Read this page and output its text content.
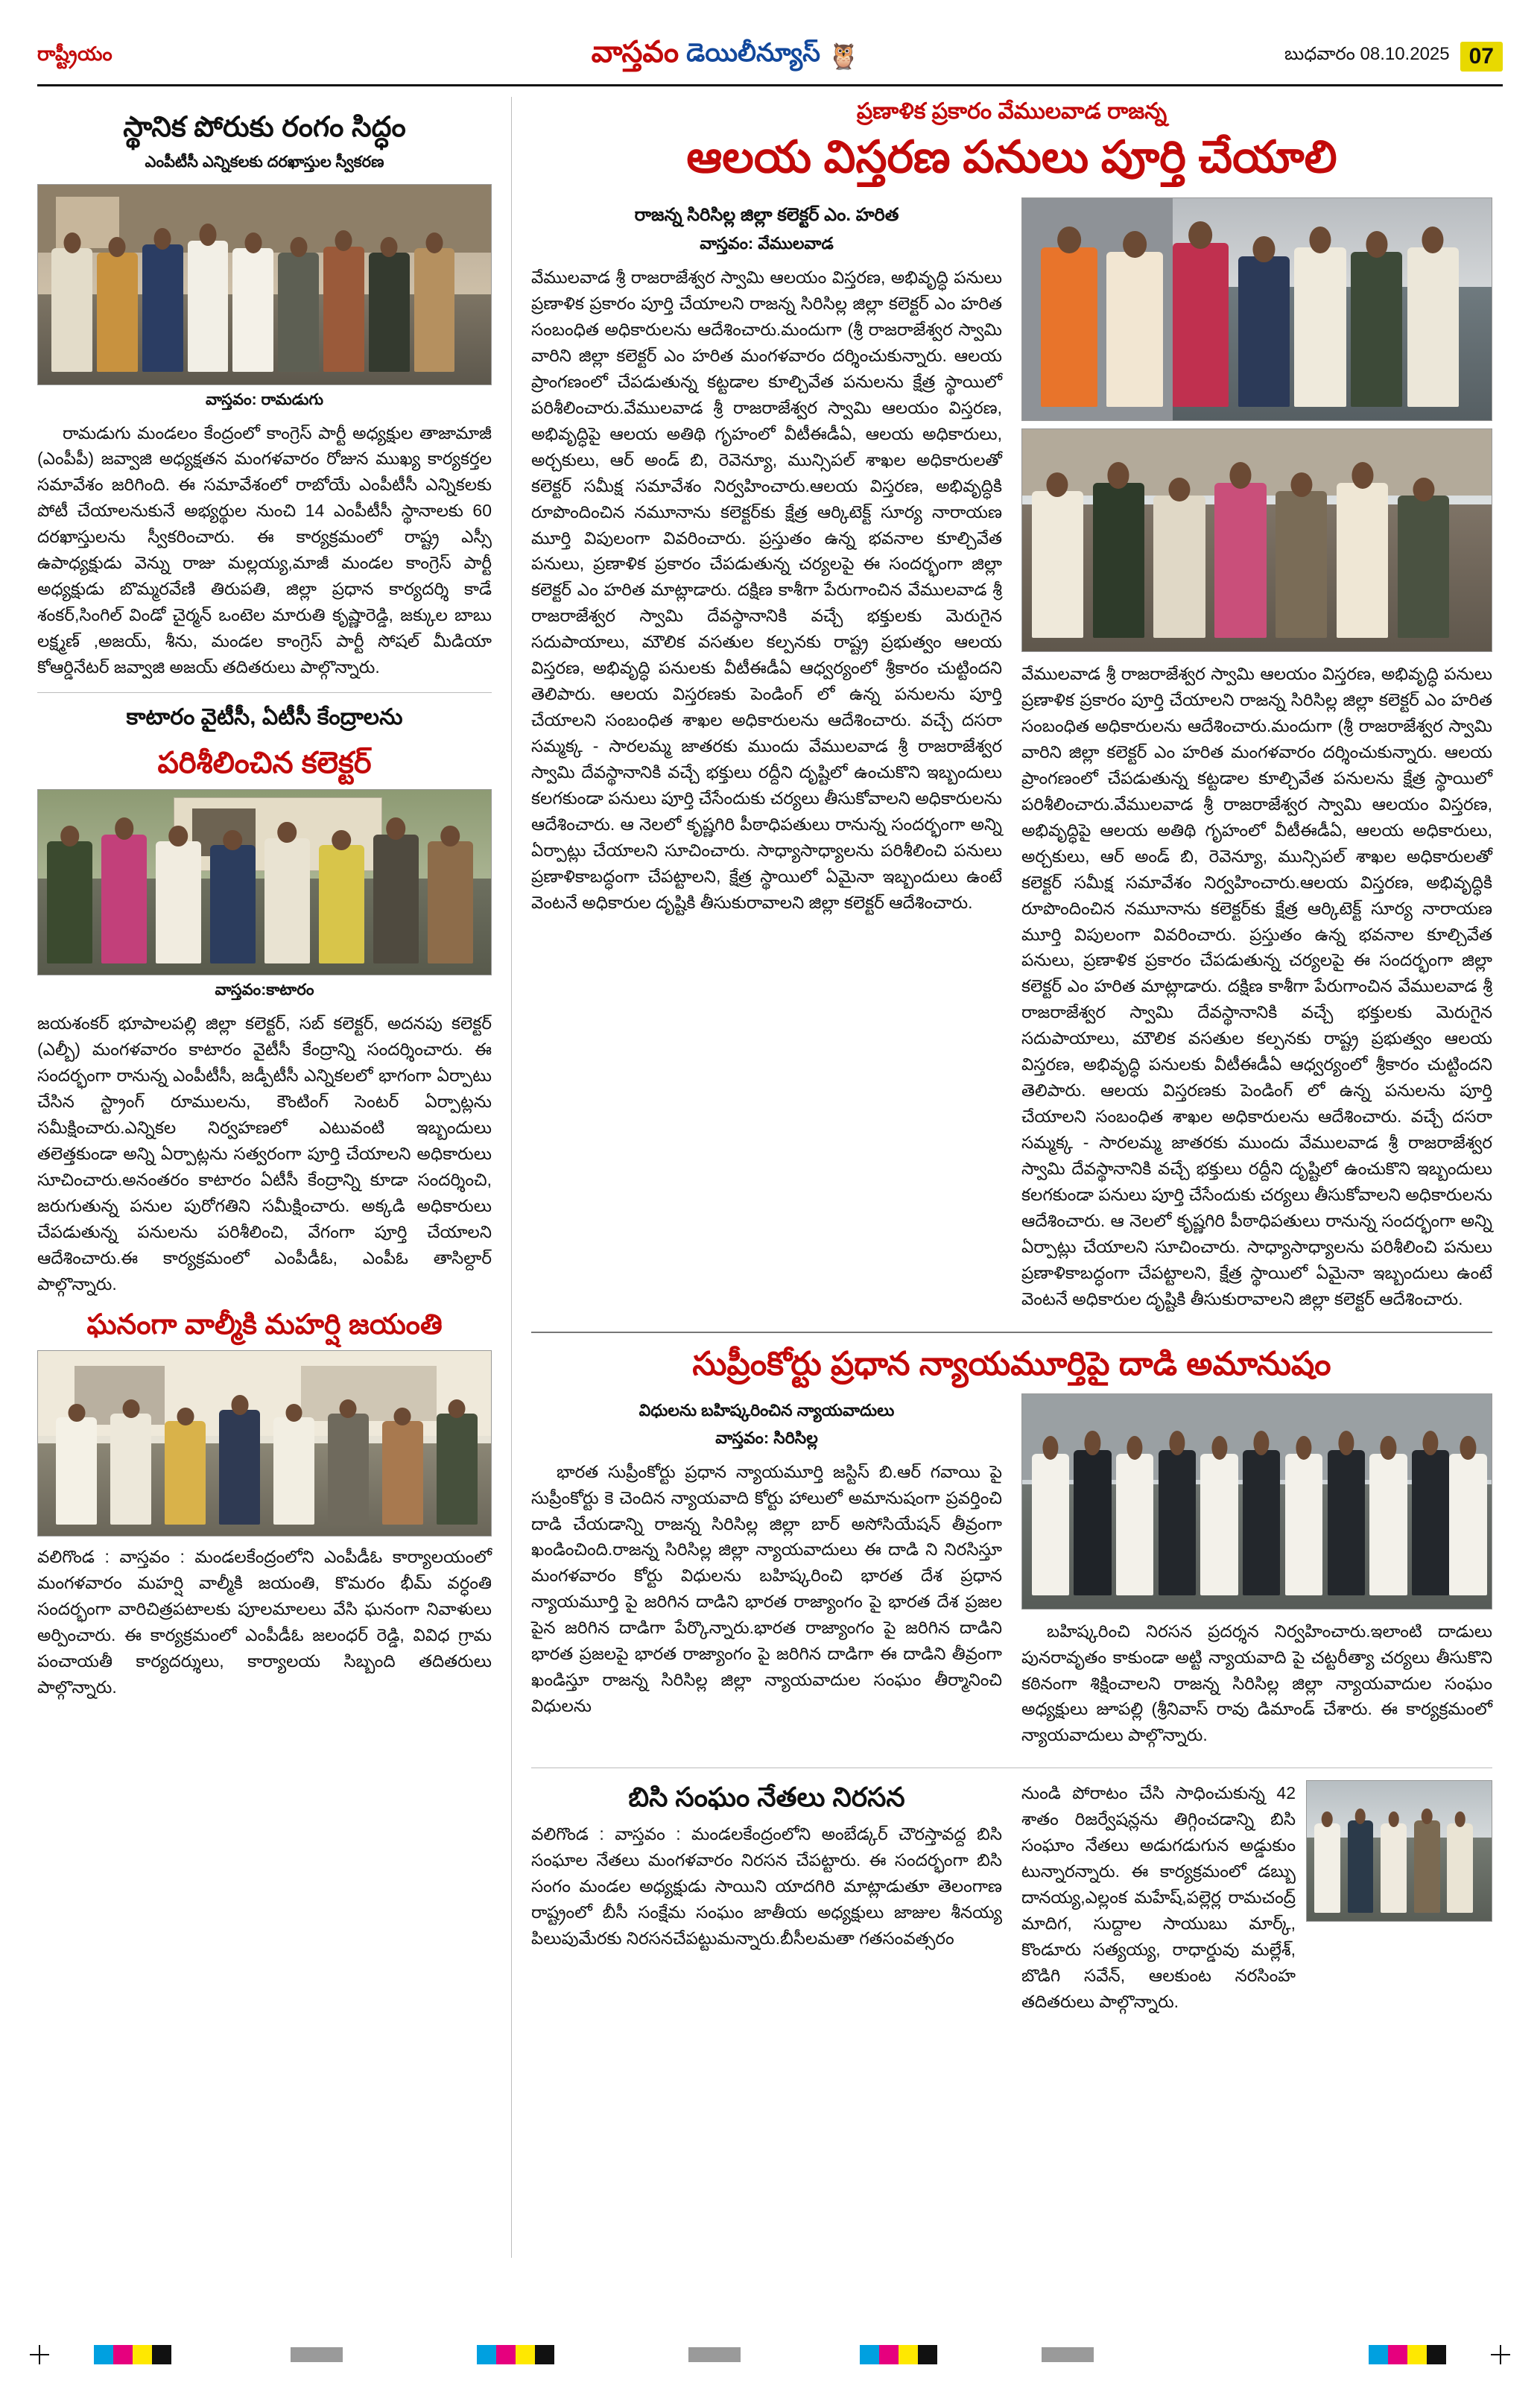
రాష్ట్రీయం	వాస్తవం డెయిలీన్యూస్ 🦉	బుధవారం 08.10.2025 07
స్థానిక పోరుకు రంగం సిద్ధం
ఎంపీటీసీ ఎన్నికలకు దరఖాస్తుల స్వీకరణ
వాస్తవం: రామడుగు

రామడుగు మండలం కేంద్రంలో కాంగ్రెస్ పార్టీ అధ్యక్షుల తాజామాజీ (ఎంపీపీ) జవ్వాజి అధ్యక్షతన మంగళవారం రోజున ముఖ్య కార్యకర్తల సమావేశం జరిగింది. ఈ సమావేశంలో రాబోయే ఎంపీటీసీ ఎన్నికలకు పోటీ చేయాలనుకునే అభ్యర్థుల నుంచి 14 ఎంపీటీసీ స్థానాలకు 60 దరఖాస్తులను స్వీకరించారు. ఈ కార్యక్రమంలో రాష్ట్ర ఎస్సీ ఉపాధ్యక్షుడు వెన్ను రాజు మల్లయ్య,మాజీ మండల కాంగ్రెస్ పార్టీ అధ్యక్షుడు బొమ్మరవేణి తిరుపతి, జిల్లా ప్రధాన కార్యదర్శి కాడే శంకర్,సింగిల్ విండో చైర్మన్ ఒంటెల మారుతి కృష్ణారెడ్డి, జక్కుల బాబు లక్ష్మణ్ ,అజయ్, శీను, మండల కాంగ్రెస్ పార్టీ సోషల్ మీడియా కోఆర్డినేటర్ జవ్వాజి అజయ్ తదితరులు పాల్గొన్నారు.

కాటారం వైటీసీ, ఏటీసీ కేంద్రాలను
పరిశీలించిన కలెక్టర్
వాస్తవం:కాటారం

జయశంకర్ భూపాలపల్లి జిల్లా కలెక్టర్, సబ్ కలెక్టర్, అదనపు కలెక్టర్ (ఎల్బీ) మంగళవారం కాటారం వైటీసీ కేంద్రాన్ని సందర్శించారు. ఈ సందర్భంగా రానున్న ఎంపీటీసీ, జడ్పీటీసీ ఎన్నికలలో భాగంగా ఏర్పాటు చేసిన స్ట్రాంగ్ రూములను, కౌంటింగ్ సెంటర్ ఏర్పాట్లను సమీక్షించారు.ఎన్నికల నిర్వహణలో ఎటువంటి ఇబ్బందులు తలెత్తకుండా అన్ని ఏర్పాట్లను సత్వరంగా పూర్తి చేయాలని అధికారులు సూచించారు.అనంతరం కాటారం ఏటీసీ కేంద్రాన్ని కూడా సందర్శించి, జరుగుతున్న పనుల పురోగతిని సమీక్షించారు. అక్కడి అధికారులు చేపడుతున్న పనులను పరిశీలించి, వేగంగా పూర్తి చేయాలని ఆదేశించారు.ఈ కార్యక్రమంలో ఎంపీడీఓ, ఎంపీఓ తాసిల్దార్ పాల్గొన్నారు.

ఘనంగా వాల్మీకి మహర్షి జయంతి

వలిగొండ : వాస్తవం : మండలకేంద్రంలోని ఎంపీడీఓ కార్యాలయంలో మంగళవారం మహర్షి వాల్మీకి జయంతి, కొమరం భీమ్ వర్ధంతి సందర్భంగా వారిచిత్రపటాలకు పూలమాలలు వేసి ఘనంగా నివాళులు అర్పించారు. ఈ కార్యక్రమంలో ఎంపీడీఓ జలంధర్ రెడ్డి, వివిధ గ్రామ పంచాయతీ కార్యదర్శులు, కార్యాలయ సిబ్బంది తదితరులు పాల్గొన్నారు.

ప్రణాళిక ప్రకారం వేములవాడ రాజన్న
ఆలయ విస్తరణ పనులు పూర్తి చేయాలి
రాజన్న సిరిసిల్ల జిల్లా కలెక్టర్ ఎం. హరిత
వాస్తవం: వేములవాడ

వేములవాడ శ్రీ రాజరాజేశ్వర స్వామి ఆలయం విస్తరణ, అభివృద్ధి పనులు ప్రణాళిక ప్రకారం పూర్తి చేయాలని రాజన్న సిరిసిల్ల జిల్లా కలెక్టర్ ఎం హరిత సంబంధిత అధికారులను ఆదేశించారు.మందుగా (శ్రీ రాజరాజేశ్వర స్వామి వారిని జిల్లా కలెక్టర్ ఎం హరిత మంగళవారం దర్శించుకున్నారు. ఆలయ ప్రాంగణంలో చేపడుతున్న కట్టడాల కూల్చివేత పనులను క్షేత్ర స్థాయిలో పరిశీలించారు.వేములవాడ శ్రీ రాజరాజేశ్వర స్వామి ఆలయం విస్తరణ, అభివృద్ధిపై ఆలయ అతిథి గృహంలో వీటీఈడీఏ, ఆలయ అధికారులు, అర్చకులు, ఆర్ అండ్ బి, రెవెన్యూ, మున్సిపల్ శాఖల అధికారులతో కలెక్టర్ సమీక్ష సమావేశం నిర్వహించారు.ఆలయ విస్తరణ, అభివృద్ధికి రూపొందించిన నమూనాను కలెక్టర్‌కు క్షేత్ర ఆర్కిటెక్ట్ సూర్య నారాయణ మూర్తి విపులంగా వివరించారు. ప్రస్తుతం ఉన్న భవనాల కూల్చివేత పనులు, ప్రణాళిక ప్రకారం చేపడుతున్న చర్యలపై ఈ సందర్భంగా జిల్లా కలెక్టర్ ఎం హరిత మాట్లాడారు. దక్షిణ కాశీగా పేరుగాంచిన వేములవాడ శ్రీ రాజరాజేశ్వర స్వామి దేవస్థానానికి వచ్చే భక్తులకు మెరుగైన సదుపాయాలు, మౌలిక వసతుల కల్పనకు రాష్ట్ర ప్రభుత్వం ఆలయ విస్తరణ, అభివృద్ధి పనులకు వీటీఈడీఏ ఆధ్వర్యంలో శ్రీకారం చుట్టిందని తెలిపారు. ఆలయ విస్తరణకు పెండింగ్ లో ఉన్న పనులను పూర్తి చేయాలని సంబంధిత శాఖల అధికారులను ఆదేశించారు. వచ్చే దసరా సమ్మక్క - సారలమ్మ జాతరకు ముందు వేములవాడ శ్రీ రాజరాజేశ్వర స్వామి దేవస్థానానికి వచ్చే భక్తులు రద్దీని దృష్టిలో ఉంచుకొని ఇబ్బందులు కలగకుండా పనులు పూర్తి చేసేందుకు చర్యలు తీసుకోవాలని అధికారులను ఆదేశించారు. ఆ నెలలో కృష్ణగిరి పీఠాధిపతులు రానున్న సందర్భంగా అన్ని ఏర్పాట్లు చేయాలని సూచించారు. సాధ్యాసాధ్యాలను పరిశీలించి పనులు ప్రణాళికాబద్ధంగా చేపట్టాలని, క్షేత్ర స్థాయిలో ఏమైనా ఇబ్బందులు ఉంటే వెంటనే అధికారుల దృష్టికి తీసుకురావాలని జిల్లా కలెక్టర్ ఆదేశించారు.

వేములవాడ శ్రీ రాజరాజేశ్వర స్వామి ఆలయం విస్తరణ, అభివృద్ధి పనులు ప్రణాళిక ప్రకారం పూర్తి చేయాలని రాజన్న సిరిసిల్ల జిల్లా కలెక్టర్ ఎం హరిత సంబంధిత అధికారులను ఆదేశించారు.మందుగా (శ్రీ రాజరాజేశ్వర స్వామి వారిని జిల్లా కలెక్టర్ ఎం హరిత మంగళవారం దర్శించుకున్నారు. ఆలయ ప్రాంగణంలో చేపడుతున్న కట్టడాల కూల్చివేత పనులను క్షేత్ర స్థాయిలో పరిశీలించారు.వేములవాడ శ్రీ రాజరాజేశ్వర స్వామి ఆలయం విస్తరణ, అభివృద్ధిపై ఆలయ అతిథి గృహంలో వీటీఈడీఏ, ఆలయ అధికారులు, అర్చకులు, ఆర్ అండ్ బి, రెవెన్యూ, మున్సిపల్ శాఖల అధికారులతో కలెక్టర్ సమీక్ష సమావేశం నిర్వహించారు.ఆలయ విస్తరణ, అభివృద్ధికి రూపొందించిన నమూనాను కలెక్టర్‌కు క్షేత్ర ఆర్కిటెక్ట్ సూర్య నారాయణ మూర్తి విపులంగా వివరించారు. ప్రస్తుతం ఉన్న భవనాల కూల్చివేత పనులు, ప్రణాళిక ప్రకారం చేపడుతున్న చర్యలపై ఈ సందర్భంగా జిల్లా కలెక్టర్ ఎం హరిత మాట్లాడారు. దక్షిణ కాశీగా పేరుగాంచిన వేములవాడ శ్రీ రాజరాజేశ్వర స్వామి దేవస్థానానికి వచ్చే భక్తులకు మెరుగైన సదుపాయాలు, మౌలిక వసతుల కల్పనకు రాష్ట్ర ప్రభుత్వం ఆలయ విస్తరణ, అభివృద్ధి పనులకు వీటీఈడీఏ ఆధ్వర్యంలో శ్రీకారం చుట్టిందని తెలిపారు. ఆలయ విస్తరణకు పెండింగ్ లో ఉన్న పనులను పూర్తి చేయాలని సంబంధిత శాఖల అధికారులను ఆదేశించారు. వచ్చే దసరా సమ్మక్క - సారలమ్మ జాతరకు ముందు వేములవాడ శ్రీ రాజరాజేశ్వర స్వామి దేవస్థానానికి వచ్చే భక్తులు రద్దీని దృష్టిలో ఉంచుకొని ఇబ్బందులు కలగకుండా పనులు పూర్తి చేసేందుకు చర్యలు తీసుకోవాలని అధికారులను ఆదేశించారు. ఆ నెలలో కృష్ణగిరి పీఠాధిపతులు రానున్న సందర్భంగా అన్ని ఏర్పాట్లు చేయాలని సూచించారు. సాధ్యాసాధ్యాలను పరిశీలించి పనులు ప్రణాళికాబద్ధంగా చేపట్టాలని, క్షేత్ర స్థాయిలో ఏమైనా ఇబ్బందులు ఉంటే వెంటనే అధికారుల దృష్టికి తీసుకురావాలని జిల్లా కలెక్టర్ ఆదేశించారు.

సుప్రీంకోర్టు ప్రధాన న్యాయమూర్తిపై దాడి అమానుషం
విధులను బహిష్కరించిన న్యాయవాదులు
వాస్తవం: సిరిసిల్ల

భారత సుప్రీంకోర్టు ప్రధాన న్యాయమూర్తి జస్టిస్ బి.ఆర్ గవాయి పై సుప్రీంకోర్టు కె చెందిన న్యాయవాది కోర్టు హాలులో అమానుషంగా ప్రవర్తించి దాడి చేయడాన్ని రాజన్న సిరిసిల్ల జిల్లా బార్ అసోసియేషన్ తీవ్రంగా ఖండించింది.రాజన్న సిరిసిల్ల జిల్లా న్యాయవాదులు ఈ దాడి ని నిరసిస్తూ మంగళవారం కోర్టు విధులను బహిష్కరించి భారత దేశ ప్రధాన న్యాయమూర్తి పై జరిగిన దాడిని భారత రాజ్యాంగం పై భారత దేశ ప్రజల పైన జరిగిన దాడిగా పేర్కొన్నారు.భారత రాజ్యాంగం పై జరిగిన దాడిని భారత ప్రజలపై భారత రాజ్యాంగం పై జరిగిన దాడిగా ఈ దాడిని తీవ్రంగా ఖండిస్తూ రాజన్న సిరిసిల్ల జిల్లా న్యాయవాదుల సంఘం తీర్మానించి విధులను

బహిష్కరించి నిరసన ప్రదర్శన నిర్వహించారు.ఇలాంటి దాడులు పునరావృతం కాకుండా అట్టి న్యాయవాది పై చట్టరీత్యా చర్యలు తీసుకొని కఠినంగా శిక్షించాలని రాజన్న సిరిసిల్ల జిల్లా న్యాయవాదుల సంఘం అధ్యక్షులు జూపల్లి (శ్రీనివాస్ రావు డిమాండ్ చేశారు. ఈ కార్యక్రమంలో న్యాయవాదులు పాల్గొన్నారు.

బిసి సంఘం నేతలు నిరసన

వలిగొండ : వాస్తవం : మండలకేంద్రంలోని అంబేడ్కర్ చౌరస్తావద్ద బిసి సంఘాల నేతలు మంగళవారం నిరసన చేపట్టారు. ఈ సందర్భంగా బిసి సంగం మండల అధ్యక్షుడు సాయిని యాదగిరి మాట్లాడుతూ తెలంగాణ రాష్ట్రంలో బీసీ సంక్షేమ సంఘం జాతీయ అధ్యక్షులు జాజుల శీనయ్య పిలుపుమేరకు నిరసనచేపట్టుమన్నారు.బీసీలమతా గతసంవత్సరం

నుండి పోరాటం చేసి సాధించుకున్న 42 శాతం రిజర్వేషన్లను తిగ్గించడాన్ని బిసి సంఘాం నేతలు అడుగడుగున అడ్డుకుం టున్నారన్నారు. ఈ కార్యక్రమంలో డబ్బు దానయ్య,ఎల్లంక మహేష్,పల్లెర్ల రామచంద్ర్ మాదిగ, సుద్దాల సాయుబు మార్క్, కొండూరు సత్యయ్య, రాధార్డువు మల్లేశ్, బొడిగి సవేన్, ఆలకుంట నరసింహ తదితరులు పాల్గొన్నారు.
